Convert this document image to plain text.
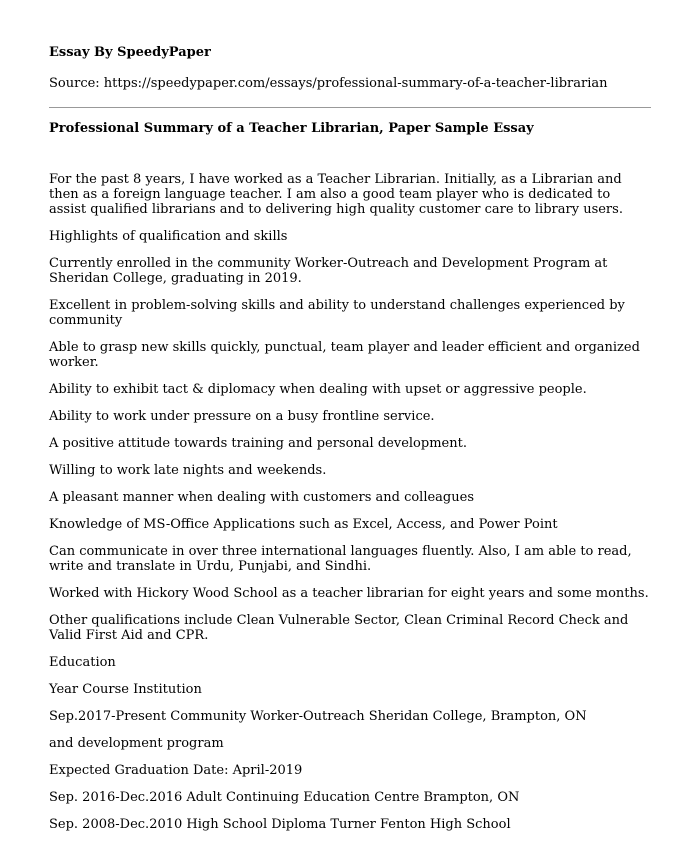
Essay By SpeedyPaper

Source: https://speedypaper.com/essays/professional-summary-of-a-teacher-librarian

Professional Summary of a Teacher Librarian, Paper Sample Essay

For the past 8 years, I have worked as a Teacher Librarian. Initially, as a Librarian and then as a foreign language teacher. I am also a good team player who is dedicated to assist qualified librarians and to delivering high quality customer care to library users.

Highlights of qualification and skills

Currently enrolled in the community Worker-Outreach and Development Program at Sheridan College, graduating in 2019.

Excellent in problem-solving skills and ability to understand challenges experienced by community

Able to grasp new skills quickly, punctual, team player and leader efficient and organized worker.

Ability to exhibit tact & diplomacy when dealing with upset or aggressive people.

Ability to work under pressure on a busy frontline service.

A positive attitude towards training and personal development.

Willing to work late nights and weekends.

A pleasant manner when dealing with customers and colleagues

Knowledge of MS-Office Applications such as Excel, Access, and Power Point

Can communicate in over three international languages fluently. Also, I am able to read, write and translate in Urdu, Punjabi, and Sindhi.

Worked with Hickory Wood School as a teacher librarian for eight years and some months.

Other qualifications include Clean Vulnerable Sector, Clean Criminal Record Check and Valid First Aid and CPR.

Education

Year Course Institution

Sep.2017-Present Community Worker-Outreach Sheridan College, Brampton, ON

and development program

Expected Graduation Date: April-2019

Sep. 2016-Dec.2016 Adult Continuing Education Centre Brampton, ON

Sep. 2008-Dec.2010 High School Diploma Turner Fenton High School
